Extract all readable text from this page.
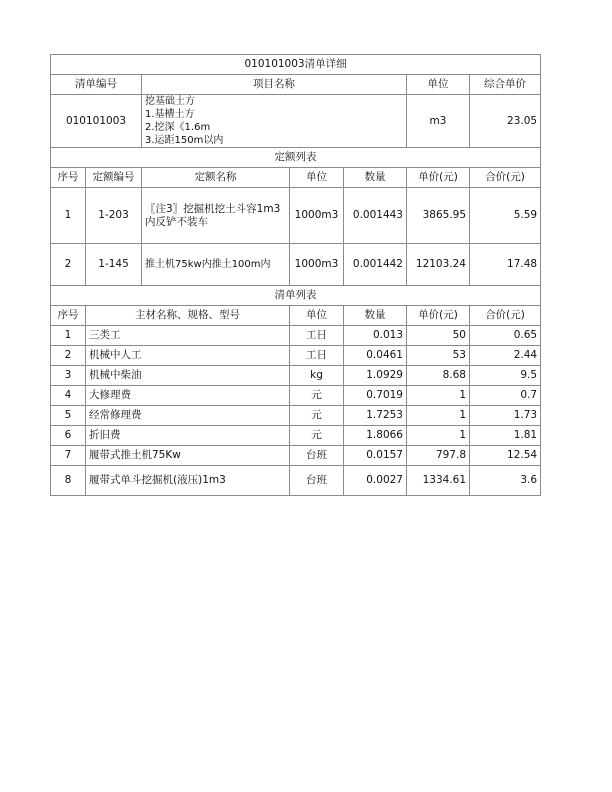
010101003清单详细						
清单编号		项目名称			单位	综合单价
010101003		挖基础土方
1.基槽土方
2.挖深《1.6m
3.运距150m以内			m3	23.05
定额列表						
序号	定额编号	定额名称	单位	数量	单价(元)	合价(元)
1	1-203	〖注3〗挖掘机挖土斗容1m3内反铲不装车	1000m3	0.001443	3865.95	5.59
2	1-145	推土机75kw内推土100m内	1000m3	0.001442	12103.24	17.48
清单列表						
序号	主材名称、规格、型号		单位	数量	单价(元)	合价(元)
1	三类工		工日	0.013	50	0.65
2	机械中人工		工日	0.0461	53	2.44
3	机械中柴油		kg	1.0929	8.68	9.5
4	大修理费		元	0.7019	1	0.7
5	经常修理费		元	1.7253	1	1.73
6	折旧费		元	1.8066	1	1.81
7	履带式推土机75Kw		台班	0.0157	797.8	12.54
8	履带式单斗挖掘机(液压)1m3		台班	0.0027	1334.61	3.6
